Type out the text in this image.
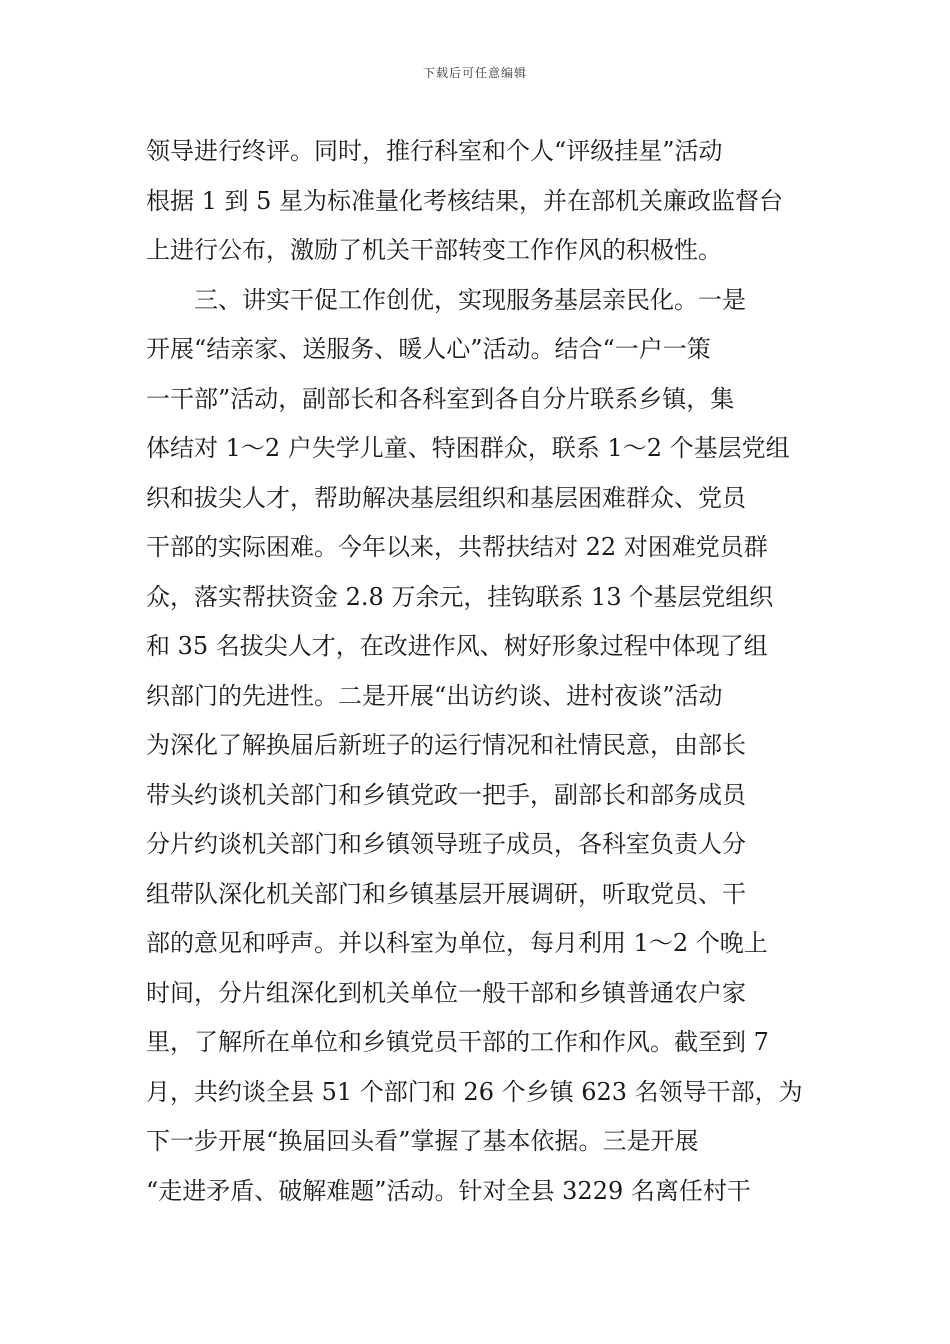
下载后可任意编辑
领导进行终评。同时，推行科室和个人“评级挂星”活动
根据 1 到 5 星为标准量化考核结果，并在部机关廉政监督台
上进行公布，激励了机关干部转变工作作风的积极性。
　　三、讲实干促工作创优，实现服务基层亲民化。一是
开展“结亲家、送服务、暖人心”活动。结合“一户一策
一干部”活动，副部长和各科室到各自分片联系乡镇，集
体结对 1～2 户失学儿童、特困群众，联系 1～2 个基层党组
织和拔尖人才，帮助解决基层组织和基层困难群众、党员
干部的实际困难。今年以来，共帮扶结对 22 对困难党员群
众，落实帮扶资金 2.8 万余元，挂钩联系 13 个基层党组织
和 35 名拔尖人才，在改进作风、树好形象过程中体现了组
织部门的先进性。二是开展“出访约谈、进村夜谈”活动
为深化了解换届后新班子的运行情况和社情民意，由部长
带头约谈机关部门和乡镇党政一把手，副部长和部务成员
分片约谈机关部门和乡镇领导班子成员，各科室负责人分
组带队深化机关部门和乡镇基层开展调研，听取党员、干
部的意见和呼声。并以科室为单位，每月利用 1～2 个晚上
时间，分片组深化到机关单位一般干部和乡镇普通农户家
里，了解所在单位和乡镇党员干部的工作和作风。截至到 7
月，共约谈全县 51 个部门和 26 个乡镇 623 名领导干部，为
下一步开展“换届回头看”掌握了基本依据。三是开展
“走进矛盾、破解难题”活动。针对全县 3229 名离任村干
